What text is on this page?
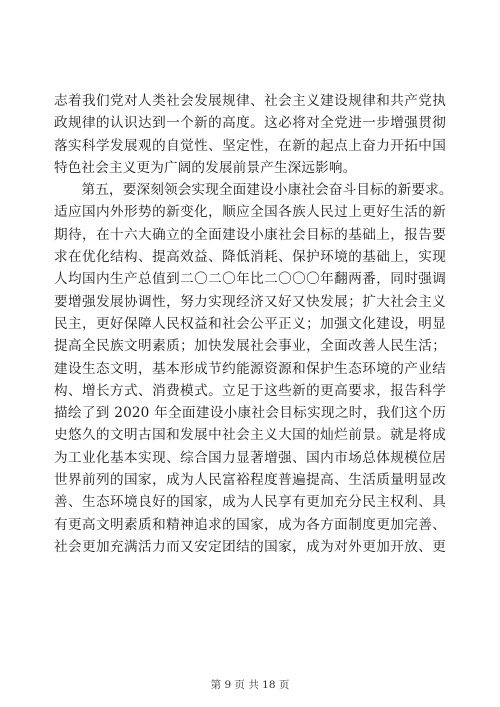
志着我们党对人类社会发展规律、社会主义建设规律和共产党执
政规律的认识达到一个新的高度。这必将对全党进一步增强贯彻
落实科学发展观的自觉性、坚定性，在新的起点上奋力开拓中国
特色社会主义更为广阔的发展前景产生深远影响。
　　第五，要深刻领会实现全面建设小康社会奋斗目标的新要求。
适应国内外形势的新变化，顺应全国各族人民过上更好生活的新
期待，在十六大确立的全面建设小康社会目标的基础上，报告要
求在优化结构、提高效益、降低消耗、保护环境的基础上，实现
人均国内生产总值到二〇二〇年比二〇〇〇年翻两番，同时强调
要增强发展协调性，努力实现经济又好又快发展；扩大社会主义
民主，更好保障人民权益和社会公平正义；加强文化建设，明显
提高全民族文明素质；加快发展社会事业，全面改善人民生活；
建设生态文明，基本形成节约能源资源和保护生态环境的产业结
构、增长方式、消费模式。立足于这些新的更高要求，报告科学
描绘了到 2020 年全面建设小康社会目标实现之时，我们这个历
史悠久的文明古国和发展中社会主义大国的灿烂前景。就是将成
为工业化基本实现、综合国力显著增强、国内市场总体规模位居
世界前列的国家，成为人民富裕程度普遍提高、生活质量明显改
善、生态环境良好的国家，成为人民享有更加充分民主权利、具
有更高文明素质和精神追求的国家，成为各方面制度更加完善、
社会更加充满活力而又安定团结的国家，成为对外更加开放、更
第 9 页 共 18 页
